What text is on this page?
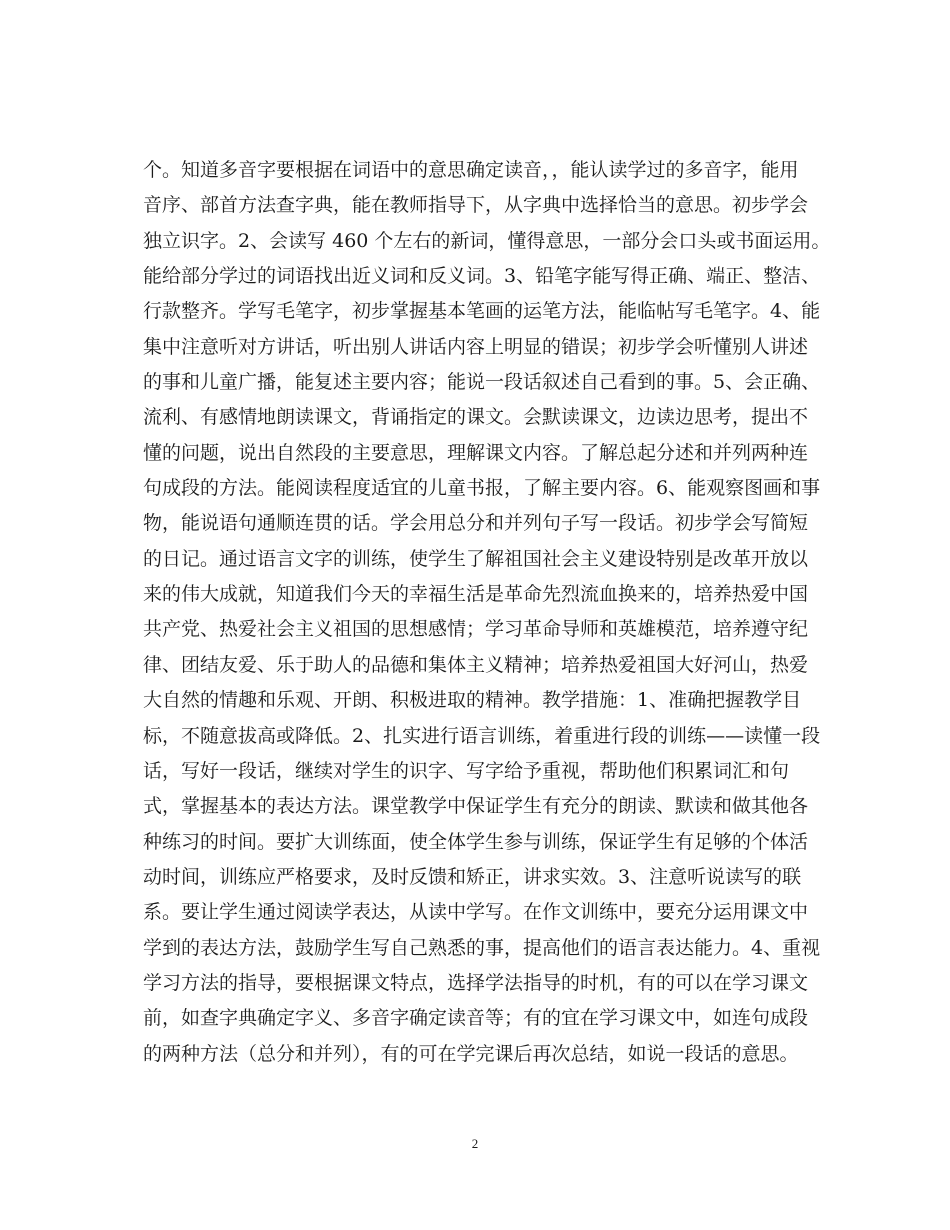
个。知道多音字要根据在词语中的意思确定读音，，能认读学过的多音字，能用
音序、部首方法查字典，能在教师指导下，从字典中选择恰当的意思。初步学会
独立识字。2、会读写 460 个左右的新词，懂得意思，一部分会口头或书面运用。
能给部分学过的词语找出近义词和反义词。3、铅笔字能写得正确、端正、整洁、
行款整齐。学写毛笔字，初步掌握基本笔画的运笔方法，能临帖写毛笔字。4、能
集中注意听对方讲话，听出别人讲话内容上明显的错误；初步学会听懂别人讲述
的事和儿童广播，能复述主要内容；能说一段话叙述自己看到的事。5、会正确、
流利、有感情地朗读课文，背诵指定的课文。会默读课文，边读边思考，提出不
懂的问题，说出自然段的主要意思，理解课文内容。了解总起分述和并列两种连
句成段的方法。能阅读程度适宜的儿童书报，了解主要内容。6、能观察图画和事
物，能说语句通顺连贯的话。学会用总分和并列句子写一段话。初步学会写简短
的日记。通过语言文字的训练，使学生了解祖国社会主义建设特别是改革开放以
来的伟大成就，知道我们今天的幸福生活是革命先烈流血换来的，培养热爱中国
共产党、热爱社会主义祖国的思想感情；学习革命导师和英雄模范，培养遵守纪
律、团结友爱、乐于助人的品德和集体主义精神；培养热爱祖国大好河山，热爱
大自然的情趣和乐观、开朗、积极进取的精神。教学措施：1、准确把握教学目
标，不随意拔高或降低。2、扎实进行语言训练，着重进行段的训练——读懂一段
话，写好一段话，继续对学生的识字、写字给予重视，帮助他们积累词汇和句
式，掌握基本的表达方法。课堂教学中保证学生有充分的朗读、默读和做其他各
种练习的时间。要扩大训练面，使全体学生参与训练，保证学生有足够的个体活
动时间，训练应严格要求，及时反馈和矫正，讲求实效。3、注意听说读写的联
系。要让学生通过阅读学表达，从读中学写。在作文训练中，要充分运用课文中
学到的表达方法，鼓励学生写自己熟悉的事，提高他们的语言表达能力。4、重视
学习方法的指导，要根据课文特点，选择学法指导的时机，有的可以在学习课文
前，如查字典确定字义、多音字确定读音等；有的宜在学习课文中，如连句成段
的两种方法（总分和并列），有的可在学完课后再次总结，如说一段话的意思。
2
